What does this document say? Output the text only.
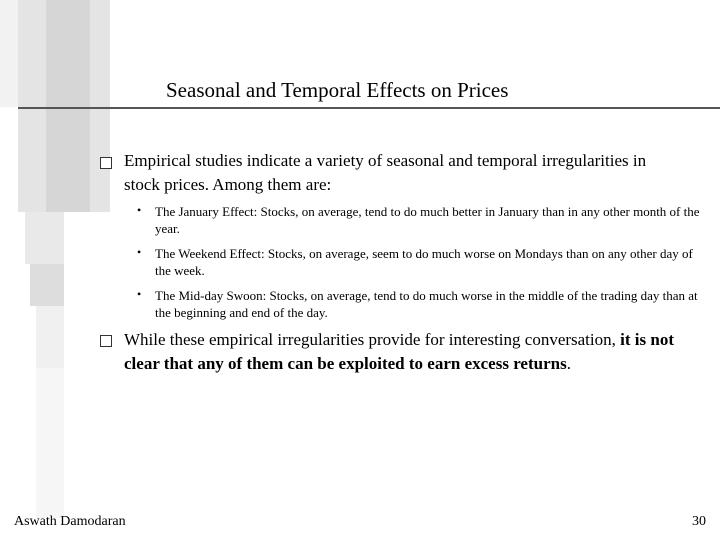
Seasonal and Temporal Effects on Prices
Empirical studies indicate a variety of seasonal and temporal irregularities in stock prices. Among them are:
• The January Effect: Stocks, on average, tend to do much better in January than in any other month of the year.
• The Weekend Effect: Stocks, on average, seem to do much worse on Mondays than on any other day of the week.
• The Mid-day Swoon: Stocks, on average, tend to do much worse in the middle of the trading day than at the beginning and end of the day.
While these empirical irregularities provide for interesting conversation, it is not clear that any of them can be exploited to earn excess returns.
Aswath Damodaran	30
